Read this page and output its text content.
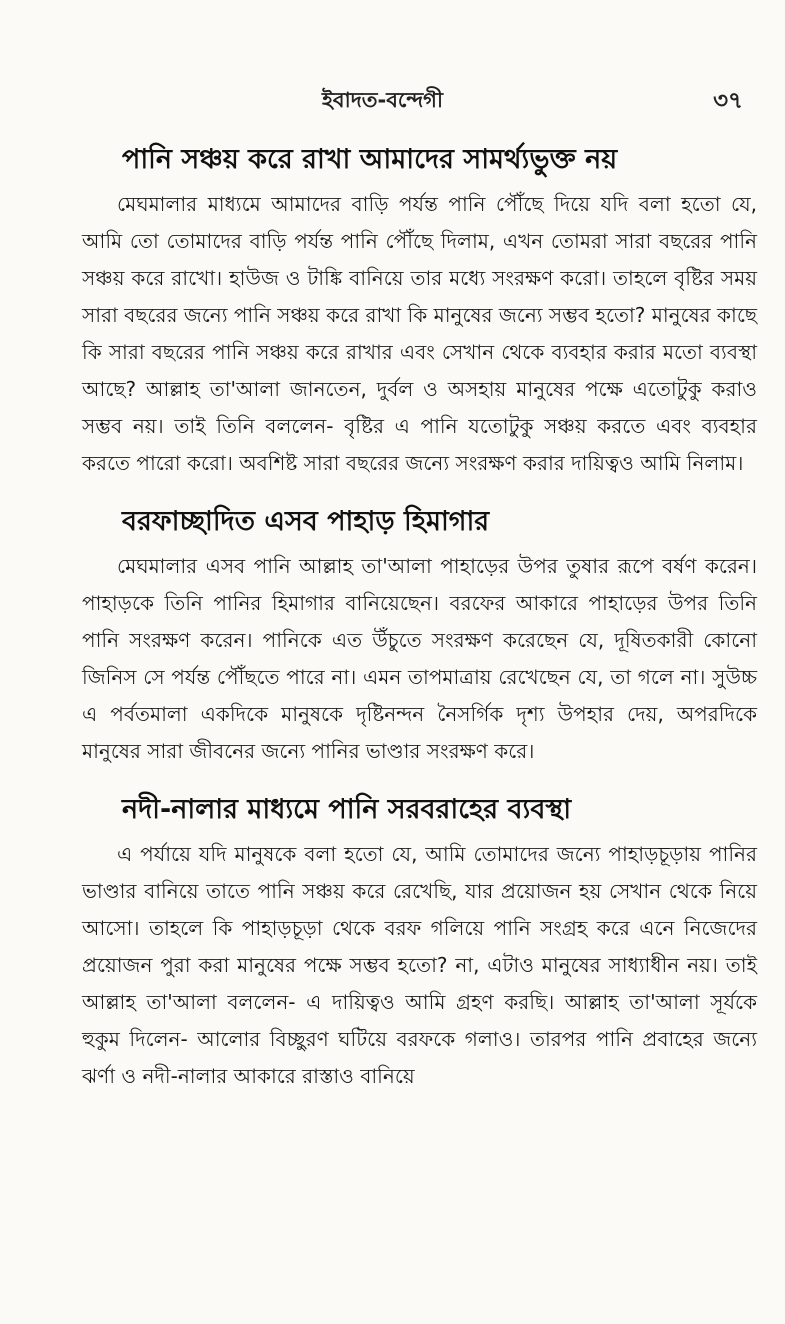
ইবাদত-বন্দেগী	৩৭
পানি সঞ্চয় করে রাখা আমাদের সামর্থ্যভুক্ত নয়

মেঘমালার মাধ্যমে আমাদের বাড়ি পর্যন্ত পানি পৌঁছে দিয়ে যদি বলা হতো যে, আমি তো তোমাদের বাড়ি পর্যন্ত পানি পৌঁছে দিলাম, এখন তোমরা সারা বছরের পানি সঞ্চয় করে রাখো। হাউজ ও টাঙ্কি বানিয়ে তার মধ্যে সংরক্ষণ করো। তাহলে বৃষ্টির সময় সারা বছরের জন্যে পানি সঞ্চয় করে রাখা কি মানুষের জন্যে সম্ভব হতো? মানুষের কাছে কি সারা বছরের পানি সঞ্চয় করে রাখার এবং সেখান থেকে ব্যবহার করার মতো ব্যবস্থা আছে? আল্লাহ তা'আলা জানতেন, দুর্বল ও অসহায় মানুষের পক্ষে এতোটুকু করাও সম্ভব নয়। তাই তিনি বললেন- বৃষ্টির এ পানি যতোটুকু সঞ্চয় করতে এবং ব্যবহার করতে পারো করো। অবশিষ্ট সারা বছরের জন্যে সংরক্ষণ করার দায়িত্বও আমি নিলাম।

বরফাচ্ছাদিত এসব পাহাড় হিমাগার

মেঘমালার এসব পানি আল্লাহ তা'আলা পাহাড়ের উপর তুষার রূপে বর্ষণ করেন। পাহাড়কে তিনি পানির হিমাগার বানিয়েছেন। বরফের আকারে পাহাড়ের উপর তিনি পানি সংরক্ষণ করেন। পানিকে এত উঁচুতে সংরক্ষণ করেছেন যে, দূষিতকারী কোনো জিনিস সে পর্যন্ত পৌঁছতে পারে না। এমন তাপমাত্রায় রেখেছেন যে, তা গলে না। সুউচ্চ এ পর্বতমালা একদিকে মানুষকে দৃষ্টিনন্দন নৈসর্গিক দৃশ্য উপহার দেয়, অপরদিকে মানুষের সারা জীবনের জন্যে পানির ভাণ্ডার সংরক্ষণ করে।

নদী-নালার মাধ্যমে পানি সরবরাহের ব্যবস্থা

এ পর্যায়ে যদি মানুষকে বলা হতো যে, আমি তোমাদের জন্যে পাহাড়চূড়ায় পানির ভাণ্ডার বানিয়ে তাতে পানি সঞ্চয় করে রেখেছি, যার প্রয়োজন হয় সেখান থেকে নিয়ে আসো। তাহলে কি পাহাড়চূড়া থেকে বরফ গলিয়ে পানি সংগ্রহ করে এনে নিজেদের প্রয়োজন পুরা করা মানুষের পক্ষে সম্ভব হতো? না, এটাও মানুষের সাধ্যাধীন নয়। তাই আল্লাহ তা'আলা বললেন- এ দায়িত্বও আমি গ্রহণ করছি। আল্লাহ তা'আলা সূর্যকে হুকুম দিলেন- আলোর বিচ্ছুরণ ঘটিয়ে বরফকে গলাও। তারপর পানি প্রবাহের জন্যে ঝর্ণা ও নদী-নালার আকারে রাস্তাও বানিয়ে
